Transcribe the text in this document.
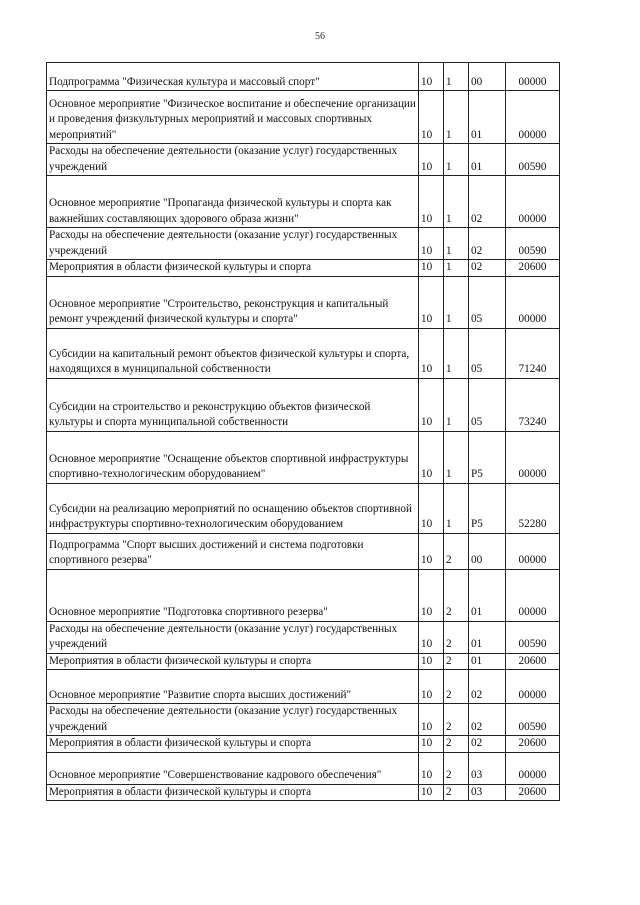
56
Подпрограмма "Физическая культура и массовый спорт"	10	1	00	00000
Основное мероприятие "Физическое воспитание и обеспечение организации и проведения физкультурных мероприятий и массовых спортивных мероприятий"	10	1	01	00000
Расходы на обеспечение деятельности (оказание услуг) государственных учреждений	10	1	01	00590
Основное мероприятие "Пропаганда физической культуры и спорта как важнейших составляющих здорового образа жизни"	10	1	02	00000
Расходы на обеспечение деятельности (оказание услуг) государственных учреждений	10	1	02	00590
Мероприятия в области физической культуры и спорта	10	1	02	20600
Основное мероприятие "Строительство, реконструкция и капитальный ремонт учреждений физической культуры и спорта"	10	1	05	00000
Субсидии на капитальный ремонт объектов физической культуры и спорта, находящихся в муниципальной собственности	10	1	05	71240
Субсидии на строительство и реконструкцию объектов физической культуры и спорта муниципальной собственности	10	1	05	73240
Основное мероприятие "Оснащение объектов спортивной инфраструктуры спортивно-технологическим оборудованием"	10	1	P5	00000
Субсидии на реализацию мероприятий по оснащению объектов спортивной инфраструктуры спортивно-технологическим оборудованием	10	1	P5	52280
Подпрограмма "Спорт высших достижений и система подготовки спортивного резерва"	10	2	00	00000
Основное мероприятие "Подготовка спортивного резерва"	10	2	01	00000
Расходы на обеспечение деятельности (оказание услуг) государственных учреждений	10	2	01	00590
Мероприятия в области физической культуры и спорта	10	2	01	20600
Основное мероприятие "Развитие спорта высших достижений"	10	2	02	00000
Расходы на обеспечение деятельности (оказание услуг) государственных учреждений	10	2	02	00590
Мероприятия в области физической культуры и спорта	10	2	02	20600
Основное мероприятие "Совершенствование кадрового обеспечения"	10	2	03	00000
Мероприятия в области физической культуры и спорта	10	2	03	20600
